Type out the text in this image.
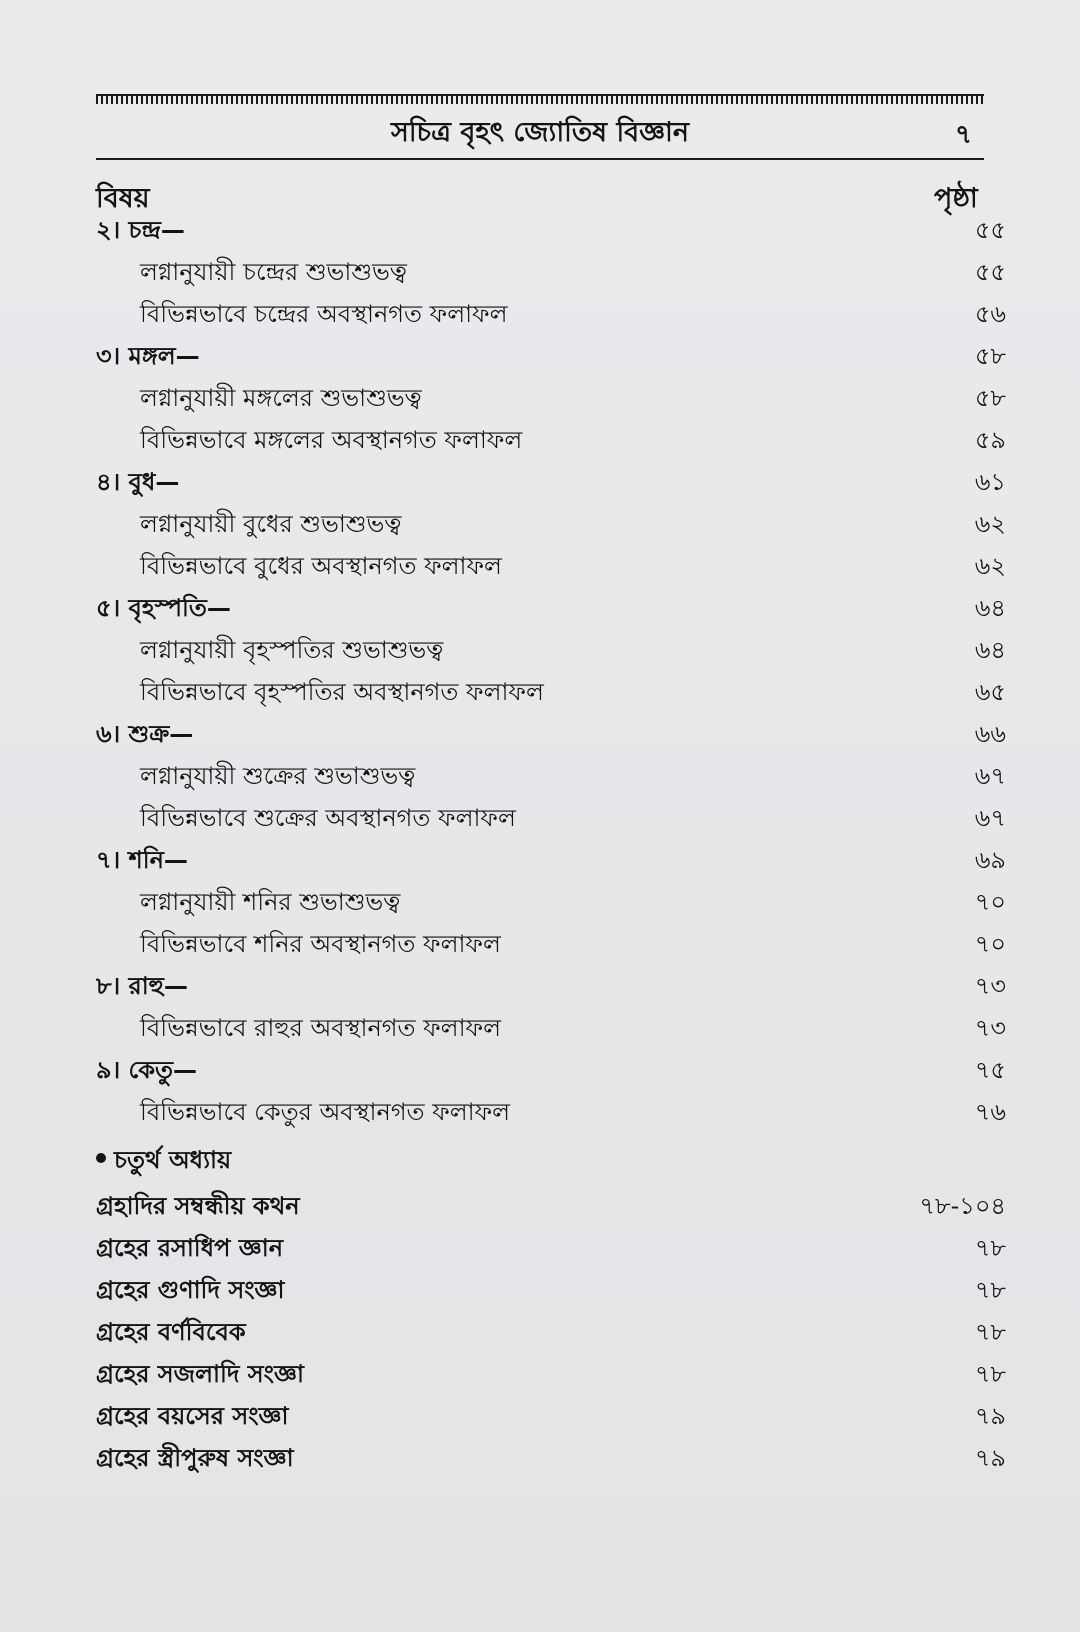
সচিত্র বৃহৎ জ্যোতিষ বিজ্ঞান	৭
বিষয়	পৃষ্ঠা
২। চন্দ্র—	৫৫
লগ্নানুযায়ী চন্দ্রের শুভাশুভত্ব	৫৫
বিভিন্নভাবে চন্দ্রের অবস্থানগত ফলাফল	৫৬
৩। মঙ্গল—	৫৮
লগ্নানুযায়ী মঙ্গলের শুভাশুভত্ব	৫৮
বিভিন্নভাবে মঙ্গলের অবস্থানগত ফলাফল	৫৯
৪। বুধ—	৬১
লগ্নানুযায়ী বুধের শুভাশুভত্ব	৬২
বিভিন্নভাবে বুধের অবস্থানগত ফলাফল	৬২
৫। বৃহস্পতি—	৬৪
লগ্নানুযায়ী বৃহস্পতির শুভাশুভত্ব	৬৪
বিভিন্নভাবে বৃহস্পতির অবস্থানগত ফলাফল	৬৫
৬। শুক্র—	৬৬
লগ্নানুযায়ী শুক্রের শুভাশুভত্ব	৬৭
বিভিন্নভাবে শুক্রের অবস্থানগত ফলাফল	৬৭
৭। শনি—	৬৯
লগ্নানুযায়ী শনির শুভাশুভত্ব	৭০
বিভিন্নভাবে শনির অবস্থানগত ফলাফল	৭০
৮। রাহু—	৭৩
বিভিন্নভাবে রাহুর অবস্থানগত ফলাফল	৭৩
৯। কেতু—	৭৫
বিভিন্নভাবে কেতুর অবস্থানগত ফলাফল	৭৬
চতুর্থ অধ্যায়
গ্রহাদির সম্বন্ধীয় কথন	৭৮-১০৪
গ্রহের রসাধিপ জ্ঞান	৭৮
গ্রহের গুণাদি সংজ্ঞা	৭৮
গ্রহের বর্ণবিবেক	৭৮
গ্রহের সজলাদি সংজ্ঞা	৭৮
গ্রহের বয়সের সংজ্ঞা	৭৯
গ্রহের স্ত্রীপুরুষ সংজ্ঞা	৭৯
